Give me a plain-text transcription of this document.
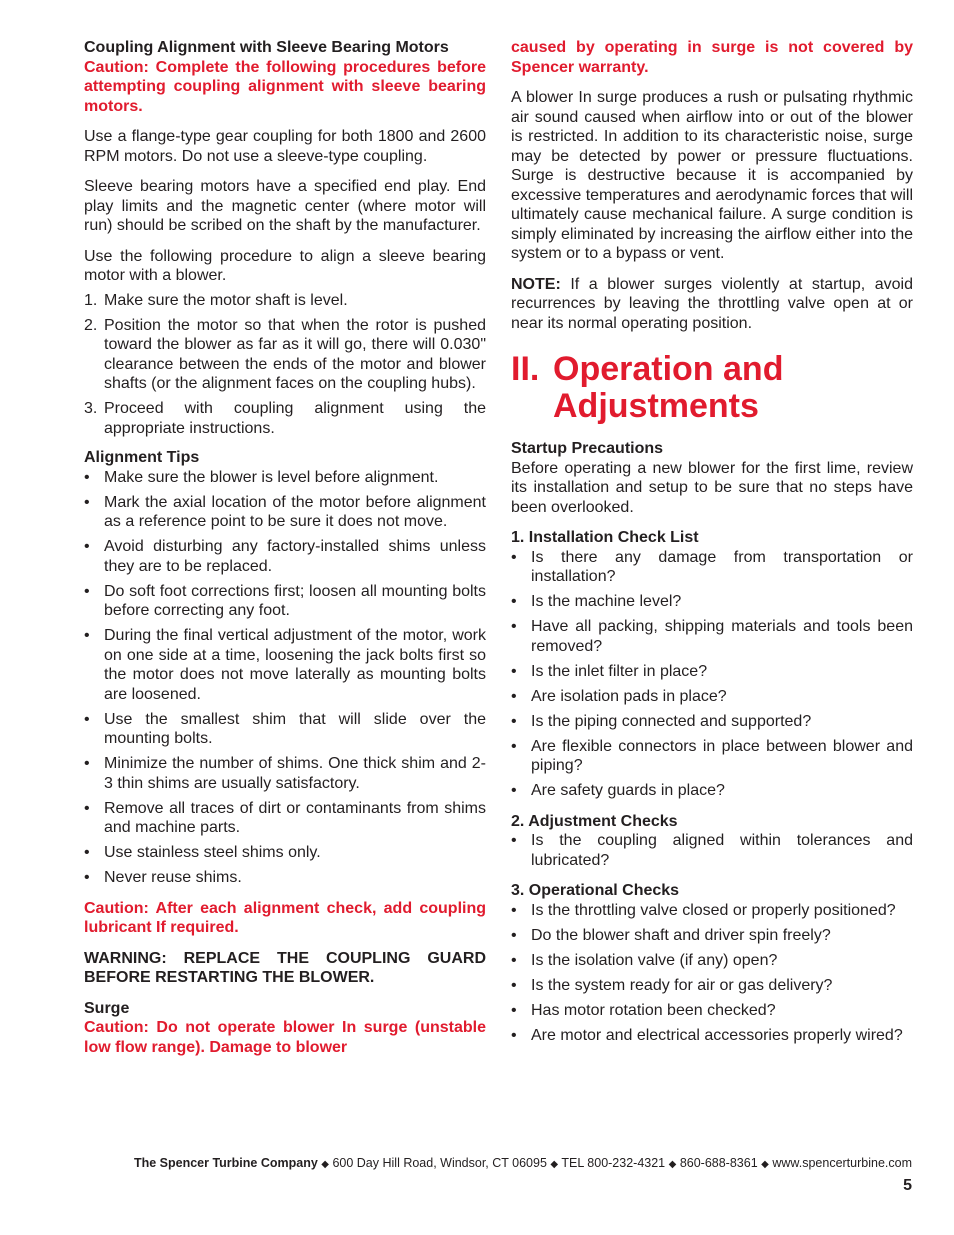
Coupling Alignment with Sleeve Bearing Motors

Caution: Complete the following procedures before attempting coupling alignment with sleeve bearing motors.

Use a flange-type gear coupling for both 1800 and 2600 RPM motors. Do not use a sleeve-type coupling.

Sleeve bearing motors have a specified end play. End play limits and the magnetic center (where motor will run) should be scribed on the shaft by the manufacturer.

Use the following procedure to align a sleeve bearing motor with a blower.

1. Make sure the motor shaft is level.
2. Position the motor so that when the rotor is pushed toward the blower as far as it will go, there will 0.030" clearance between the ends of the motor and blower shafts (or the alignment faces on the coupling hubs).
3. Proceed with coupling alignment using the appropriate instructions.

Alignment Tips

• Make sure the blower is level before alignment.
• Mark the axial location of the motor before alignment as a reference point to be sure it does not move.
• Avoid disturbing any factory-installed shims unless they are to be replaced.
• Do soft foot corrections first; loosen all mounting bolts before correcting any foot.
• During the final vertical adjustment of the motor, work on one side at a time, loosening the jack bolts first so the motor does not move laterally as mounting bolts are loosened.
• Use the smallest shim that will slide over the mounting bolts.
• Minimize the number of shims. One thick shim and 2-3 thin shims are usually satisfactory.
• Remove all traces of dirt or contaminants from shims and machine parts.
• Use stainless steel shims only.
• Never reuse shims.

Caution: After each alignment check, add coupling lubricant If required.

WARNING: REPLACE THE COUPLING GUARD BEFORE RESTARTING THE BLOWER.

Surge

Caution: Do not operate blower In surge (unstable low flow range). Damage to blower

caused by operating in surge is not covered by Spencer warranty.

A blower In surge produces a rush or pulsating rhythmic air sound caused when airflow into or out of the blower is restricted. In addition to its characteristic noise, surge may be detected by power or pressure fluctuations. Surge is destructive because it is accompanied by excessive temperatures and aerodynamic forces that will ultimately cause mechanical failure. A surge condition is simply eliminated by increasing the airflow either into the system or to a bypass or vent.

NOTE: If a blower surges violently at startup, avoid recurrences by leaving the throttling valve open at or near its normal operating position.

II. Operation and Adjustments

Startup Precautions

Before operating a new blower for the first lime, review its installation and setup to be sure that no steps have been overlooked.

1. Installation Check List

• Is there any damage from transportation or installation?
• Is the machine level?
• Have all packing, shipping materials and tools been removed?
• Is the inlet filter in place?
• Are isolation pads in place?
• Is the piping connected and supported?
• Are flexible connectors in place between blower and piping?
• Are safety guards in place?

2. Adjustment Checks

• Is the coupling aligned within tolerances and lubricated?

3. Operational Checks

• Is the throttling valve closed or properly positioned?
• Do the blower shaft and driver spin freely?
• Is the isolation valve (if any) open?
• Is the system ready for air or gas delivery?
• Has motor rotation been checked?
• Are motor and electrical accessories properly wired?
The Spencer Turbine Company ◆ 600 Day Hill Road, Windsor, CT 06095 ◆ TEL 800-232-4321 ◆ 860-688-8361 ◆ www.spencerturbine.com
5
